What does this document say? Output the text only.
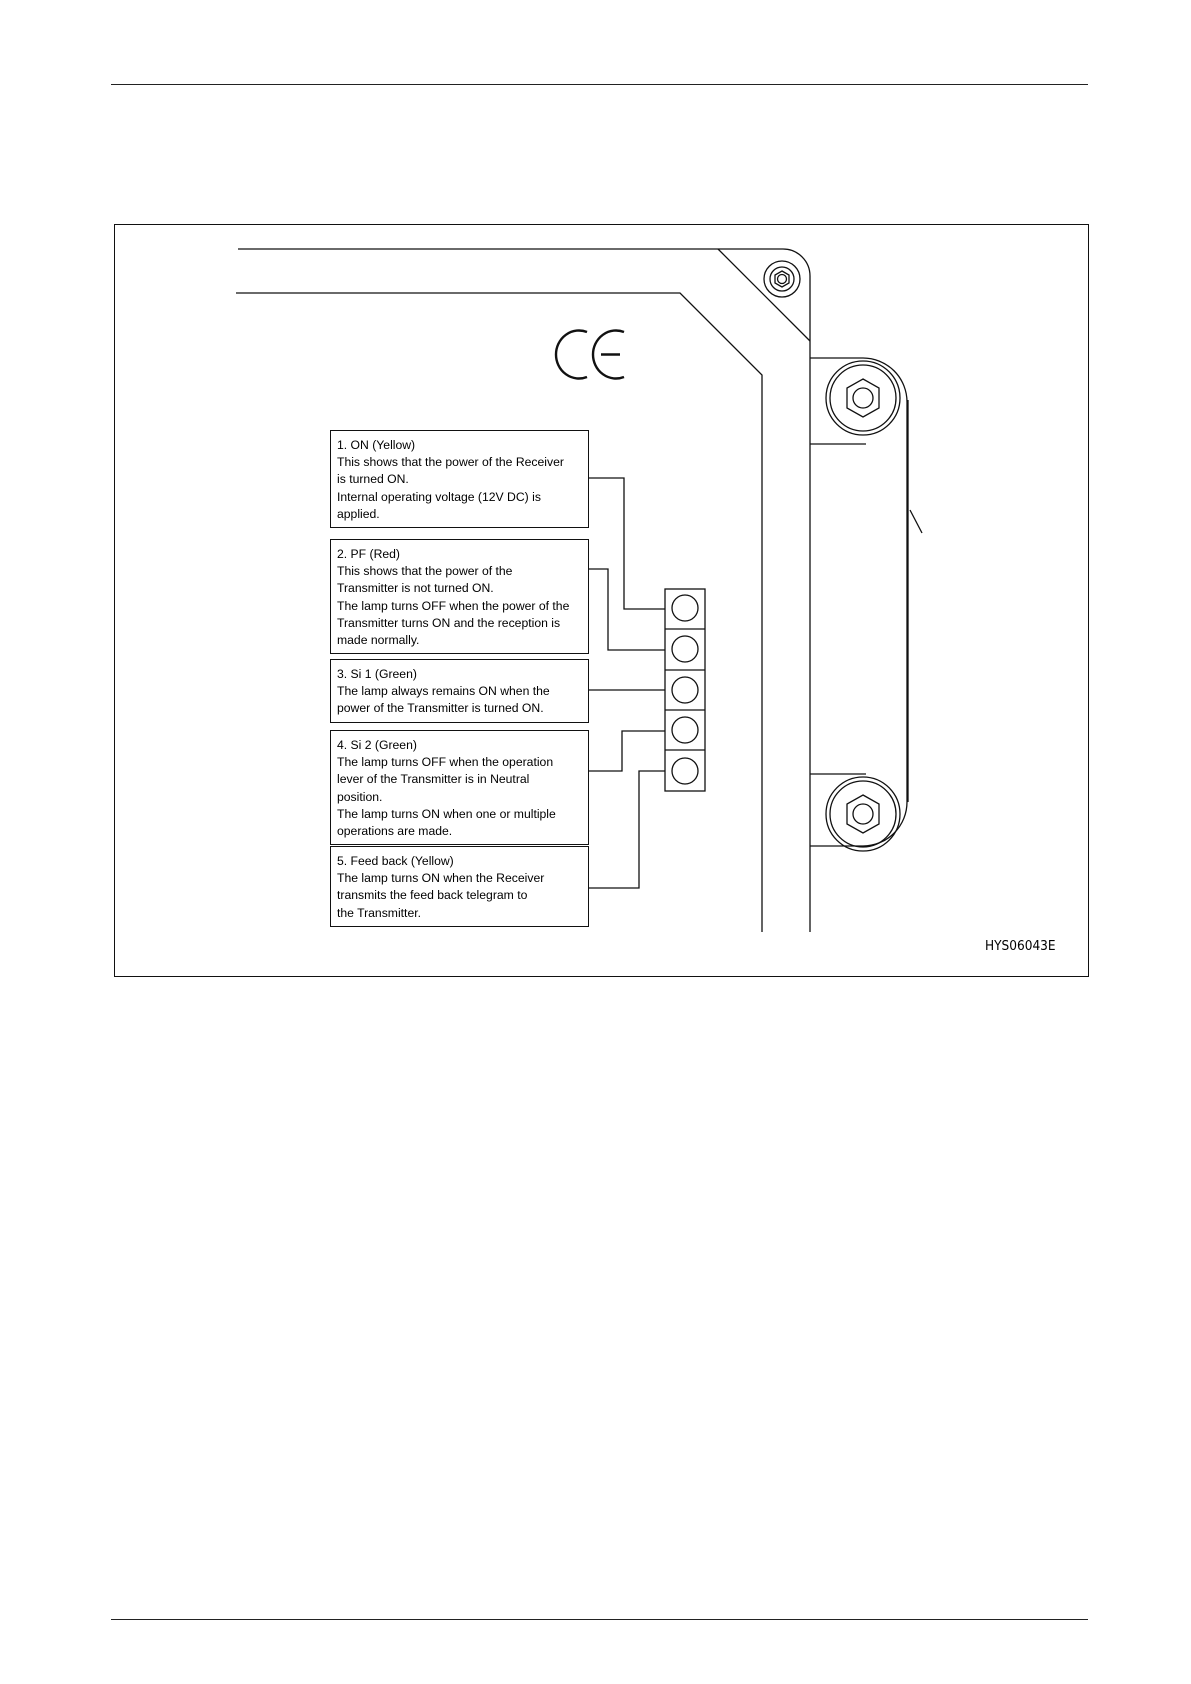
1. ON (Yellow)
This shows that the power of the Receiver
is turned ON.
Internal operating voltage (12V DC) is
applied.
2. PF (Red)
This shows that the power of the
Transmitter is not turned ON.
The lamp turns OFF when the power of the
Transmitter turns ON and the reception is
made normally.
3. Si 1 (Green)
The lamp always remains ON when the
power of the Transmitter is turned ON.
4. Si 2 (Green)
The lamp turns OFF when the operation
lever of the Transmitter is in Neutral
position.
The lamp turns ON when one or multiple
operations are made.
5. Feed back (Yellow)
The lamp turns ON when the Receiver
transmits the feed back telegram to
the Transmitter.
HYS06043E
